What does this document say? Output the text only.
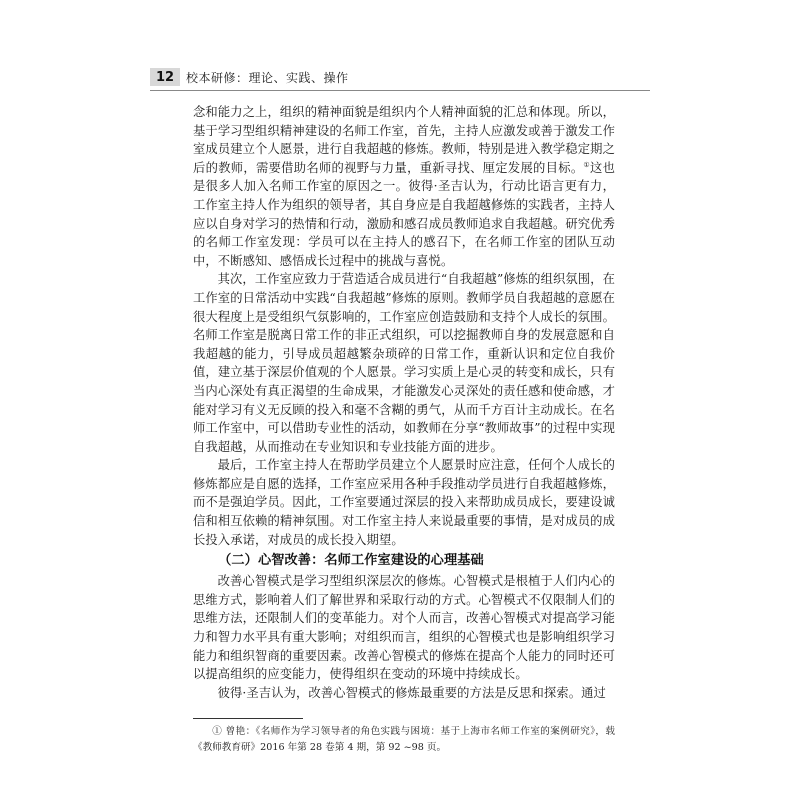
12 校本研修：理论、实践、操作

念和能力之上，组织的精神面貌是组织内个人精神面貌的汇总和体现。所以，基于学习型组织精神建设的名师工作室，首先，主持人应激发或善于激发工作室成员建立个人愿景，进行自我超越的修炼。教师，特别是进入教学稳定期之后的教师，需要借助名师的视野与力量，重新寻找、厘定发展的目标。①这也是很多人加入名师工作室的原因之一。彼得·圣吉认为，行动比语言更有力，工作室主持人作为组织的领导者，其自身应是自我超越修炼的实践者，主持人应以自身对学习的热情和行动，激励和感召成员教师追求自我超越。研究优秀的名师工作室发现：学员可以在主持人的感召下，在名师工作室的团队互动中，不断感知、感悟成长过程中的挑战与喜悦。

其次，工作室应致力于营造适合成员进行“自我超越”修炼的组织氛围，在工作室的日常活动中实践“自我超越”修炼的原则。教师学员自我超越的意愿在很大程度上是受组织气氛影响的，工作室应创造鼓励和支持个人成长的氛围。名师工作室是脱离日常工作的非正式组织，可以挖掘教师自身的发展意愿和自我超越的能力，引导成员超越繁杂琐碎的日常工作，重新认识和定位自我价值，建立基于深层价值观的个人愿景。学习实质上是心灵的转变和成长，只有当内心深处有真正渴望的生命成果，才能激发心灵深处的责任感和使命感，才能对学习有义无反顾的投入和毫不含糊的勇气，从而千方百计主动成长。在名师工作室中，可以借助专业性的活动，如教师在分享“教师故事”的过程中实现自我超越，从而推动在专业知识和专业技能方面的进步。

最后，工作室主持人在帮助学员建立个人愿景时应注意，任何个人成长的修炼都应是自愿的选择，工作室应采用各种手段推动学员进行自我超越修炼，而不是强迫学员。因此，工作室要通过深层的投入来帮助成员成长，要建设诚信和相互依赖的精神氛围。对工作室主持人来说最重要的事情，是对成员的成长投入承诺，对成员的成长投入期望。

（二）心智改善：名师工作室建设的心理基础

改善心智模式是学习型组织深层次的修炼。心智模式是根植于人们内心的思维方式，影响着人们了解世界和采取行动的方式。心智模式不仅限制人们的思维方法，还限制人们的变革能力。对个人而言，改善心智模式对提高学习能力和智力水平具有重大影响；对组织而言，组织的心智模式也是影响组织学习能力和组织智商的重要因素。改善心智模式的修炼在提高个人能力的同时还可以提高组织的应变能力，使得组织在变动的环境中持续成长。

彼得·圣吉认为，改善心智模式的修炼最重要的方法是反思和探索。通过

① 曾艳：《名师作为学习领导者的角色实践与困境：基于上海市名师工作室的案例研究》，载《教师教育研》2016 年第 28 卷第 4 期，第 92 ~98 页。
